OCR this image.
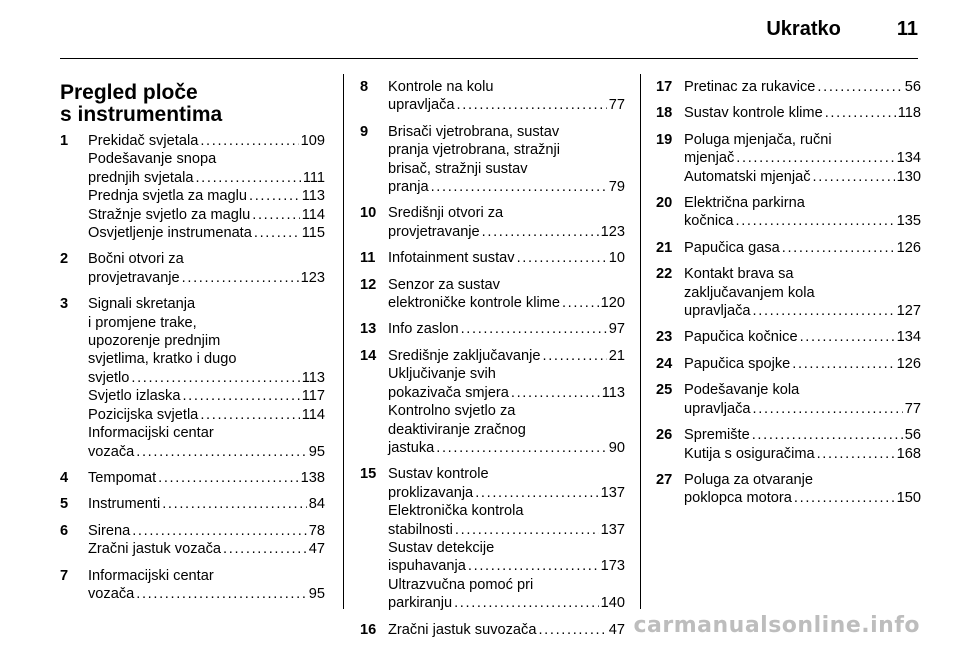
Ukratko	11
Pregled ploče
s instrumentima
1	Prekidač svjetala . . .	109
Podešavanje snopa
prednjih svjetala . . .	111
Prednja svjetla za maglu . . .	113
Stražnje svjetlo za maglu . . .	114
Osvjetljenje instrumenata . . .	115
2	Bočni otvori za
provjetravanje . . .	123
3	Signali skretanja
i promjene trake,
upozorenje prednjim
svjetlima, kratko i dugo
svjetlo . . .	113
Svjetlo izlaska . . .	117
Pozicijska svjetla . . .	114
Informacijski centar
vozača . . .	95
4	Tempomat . . .	138
5	Instrumenti . . .	84
6	Sirena . . .	78
Zračni jastuk vozača . . .	47
7	Informacijski centar
vozača . . .	95
8	Kontrole na kolu
upravljača . . .	77
9	Brisači vjetrobrana, sustav
pranja vjetrobrana, stražnji
brisač, stražnji sustav
pranja . . .	79
10 Središnji otvori za
provjetravanje . . .	123
11 Infotainment sustav . . .	10
12 Senzor za sustav
elektroničke kontrole klime . . .	120
13 Info zaslon . . .	97
14 Središnje zaključavanje . . .	21
Uključivanje svih
pokazivača smjera . . .	113
Kontrolno svjetlo za
deaktiviranje zračnog
jastuka . . .	90
15 Sustav kontrole
proklizavanja . . .	137
Elektronička kontrola
stabilnosti . . .	137
Sustav detekcije
ispuhavanja . . .	173
Ultrazvučna pomoć pri
parkiranju . . .	140
16 Zračni jastuk suvozača . . .	47
17 Pretinac za rukavice . . .	56
18 Sustav kontrole klime . . .	118
19 Poluga mjenjača, ručni
mjenjač . . .	134
Automatski mjenjač . . .	130
20 Električna parkirna
kočnica . . .	135
21 Papučica gasa . . .	126
22 Kontakt brava sa
zaključavanjem kola
upravljača . . .	127
23 Papučica kočnice . . .	134
24 Papučica spojke . . .	126
25 Podešavanje kola
upravljača . . .	77
26 Spremište . . .	56
Kutija s osiguračima . . .	168
27 Poluga za otvaranje
poklopca motora . . .	150
carmanualsonline.info
